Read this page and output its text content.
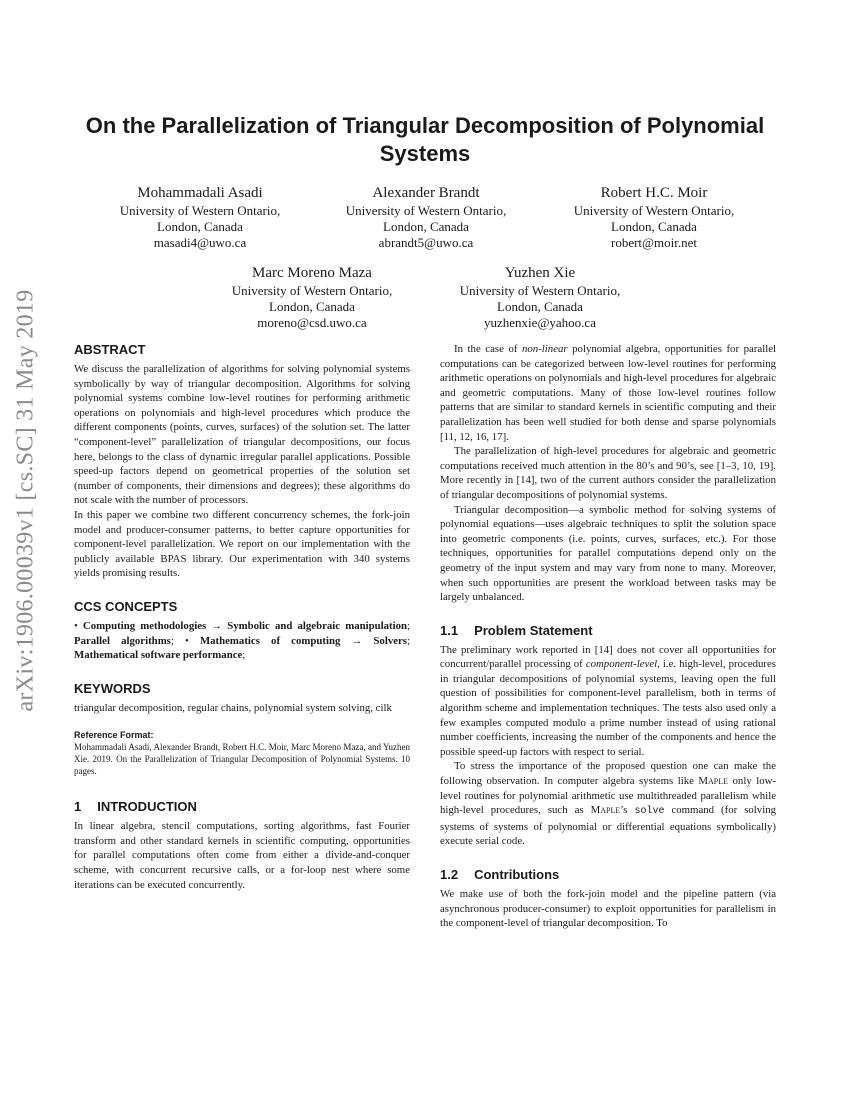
arXiv:1906.00039v1 [cs.SC] 31 May 2019
On the Parallelization of Triangular Decomposition of Polynomial Systems
Mohammadali Asadi
University of Western Ontario,
London, Canada
masadi4@uwo.ca
Alexander Brandt
University of Western Ontario,
London, Canada
abrandt5@uwo.ca
Robert H.C. Moir
University of Western Ontario,
London, Canada
robert@moir.net
Marc Moreno Maza
University of Western Ontario,
London, Canada
moreno@csd.uwo.ca
Yuzhen Xie
University of Western Ontario,
London, Canada
yuzhenxie@yahoo.ca
ABSTRACT

We discuss the parallelization of algorithms for solving polynomial systems symbolically by way of triangular decomposition. Algorithms for solving polynomial systems combine low-level routines for performing arithmetic operations on polynomials and high-level procedures which produce the different components (points, curves, surfaces) of the solution set. The latter “component-level” parallelization of triangular decompositions, our focus here, belongs to the class of dynamic irregular parallel applications. Possible speed-up factors depend on geometrical properties of the solution set (number of components, their dimensions and degrees); these algorithms do not scale with the number of processors.

In this paper we combine two different concurrency schemes, the fork-join model and producer-consumer patterns, to better capture opportunities for component-level parallelization. We report on our implementation with the publicly available BPAS library. Our experimentation with 340 systems yields promising results.

CCS CONCEPTS

• Computing methodologies → Symbolic and algebraic manipulation; Parallel algorithms; • Mathematics of computing → Solvers; Mathematical software performance;

KEYWORDS

triangular decomposition, regular chains, polynomial system solving, cilk

Reference Format:
Mohammadali Asadi, Alexander Brandt, Robert H.C. Moir, Marc Moreno Maza, and Yuzhen Xie. 2019. On the Parallelization of Triangular Decomposition of Polynomial Systems. 10 pages.
1 INTRODUCTION

In linear algebra, stencil computations, sorting algorithms, fast Fourier transform and other standard kernels in scientific computing, opportunities for parallel computations often come from either a divide-and-conquer scheme, with concurrent recursive calls, or a for-loop nest where some iterations can be executed concurrently.

In the case of non-linear polynomial algebra, opportunities for parallel computations can be categorized between low-level routines for performing arithmetic operations on polynomials and high-level procedures for algebraic and geometric computations. Many of those low-level routines follow patterns that are similar to standard kernels in scientific computing and their parallelization has been well studied for both dense and sparse polynomials [11, 12, 16, 17].

The parallelization of high-level procedures for algebraic and geometric computations received much attention in the 80’s and 90’s, see [1–3, 10, 19]. More recently in [14], two of the current authors consider the parallelization of triangular decompositions of polynomial systems.

Triangular decomposition—a symbolic method for solving systems of polynomial equations—uses algebraic techniques to split the solution space into geometric components (i.e. points, curves, surfaces, etc.). For those techniques, opportunities for parallel computations depend only on the geometry of the input system and may vary from none to many. Moreover, when such opportunities are present the workload between tasks may be largely unbalanced.

1.1 Problem Statement

The preliminary work reported in [14] does not cover all opportunities for concurrent/parallel processing of component-level, i.e. high-level, procedures in triangular decompositions of polynomial systems, leaving open the full question of possibilities for component-level parallelism, both in terms of algorithm scheme and implementation techniques. The tests also used only a few examples computed modulo a prime number instead of using rational number coefficients, increasing the number of the components and hence the possible speed-up factors with respect to serial.

To stress the importance of the proposed question one can make the following observation. In computer algebra systems like Maple only low-level routines for polynomial arithmetic use multithreaded parallelism while high-level procedures, such as Maple’s solve command (for solving systems of systems of polynomial or differential equations symbolically) execute serial code.

1.2 Contributions

We make use of both the fork-join model and the pipeline pattern (via asynchronous producer-consumer) to exploit opportunities for parallelism in the component-level of triangular decomposition. To
